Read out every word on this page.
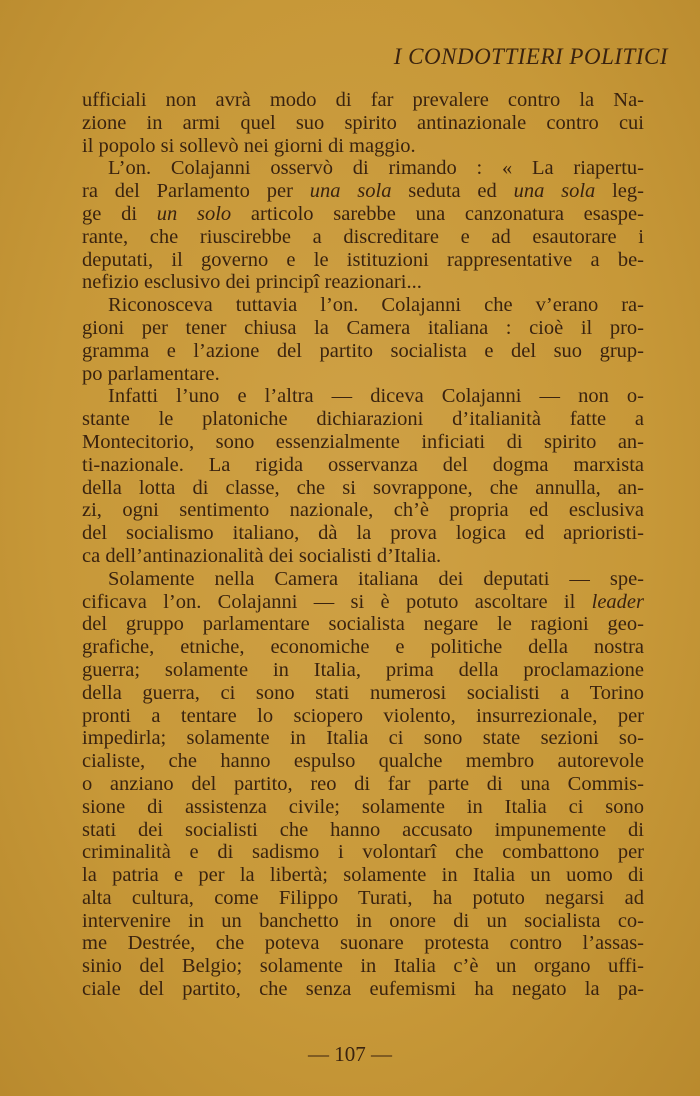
I CONDOTTIERI POLITICI
ufficiali non avrà modo di far prevalere contro la Na-
zione in armi quel suo spirito antinazionale contro cui
il popolo si sollevò nei giorni di maggio.
L’on. Colajanni osservò di rimando : « La riapertu-
ra del Parlamento per una sola seduta ed una sola leg-
ge di un solo articolo sarebbe una canzonatura esaspe-
rante, che riuscirebbe a discreditare e ad esautorare i
deputati, il governo e le istituzioni rappresentative a be-
nefizio esclusivo dei principî reazionari...
Riconosceva tuttavia l’on. Colajanni che v’erano ra-
gioni per tener chiusa la Camera italiana : cioè il pro-
gramma e l’azione del partito socialista e del suo grup-
po parlamentare.
Infatti l’uno e l’altra — diceva Colajanni — non o-
stante le platoniche dichiarazioni d’italianità fatte a
Montecitorio, sono essenzialmente inficiati di spirito an-
ti-nazionale. La rigida osservanza del dogma marxista
della lotta di classe, che si sovrappone, che annulla, an-
zi, ogni sentimento nazionale, ch’è propria ed esclusiva
del socialismo italiano, dà la prova logica ed aprioristi-
ca dell’antinazionalità dei socialisti d’Italia.
Solamente nella Camera italiana dei deputati — spe-
cificava l’on. Colajanni — si è potuto ascoltare il leader
del gruppo parlamentare socialista negare le ragioni geo-
grafiche, etniche, economiche e politiche della nostra
guerra; solamente in Italia, prima della proclamazione
della guerra, ci sono stati numerosi socialisti a Torino
pronti a tentare lo sciopero violento, insurrezionale, per
impedirla; solamente in Italia ci sono state sezioni so-
cialiste, che hanno espulso qualche membro autorevole
o anziano del partito, reo di far parte di una Commis-
sione di assistenza civile; solamente in Italia ci sono
stati dei socialisti che hanno accusato impunemente di
criminalità e di sadismo i volontarî che combattono per
la patria e per la libertà; solamente in Italia un uomo di
alta cultura, come Filippo Turati, ha potuto negarsi ad
intervenire in un banchetto in onore di un socialista co-
me Destrée, che poteva suonare protesta contro l’assas-
sinio del Belgio; solamente in Italia c’è un organo uffi-
ciale del partito, che senza eufemismi ha negato la pa-
— 107 —
